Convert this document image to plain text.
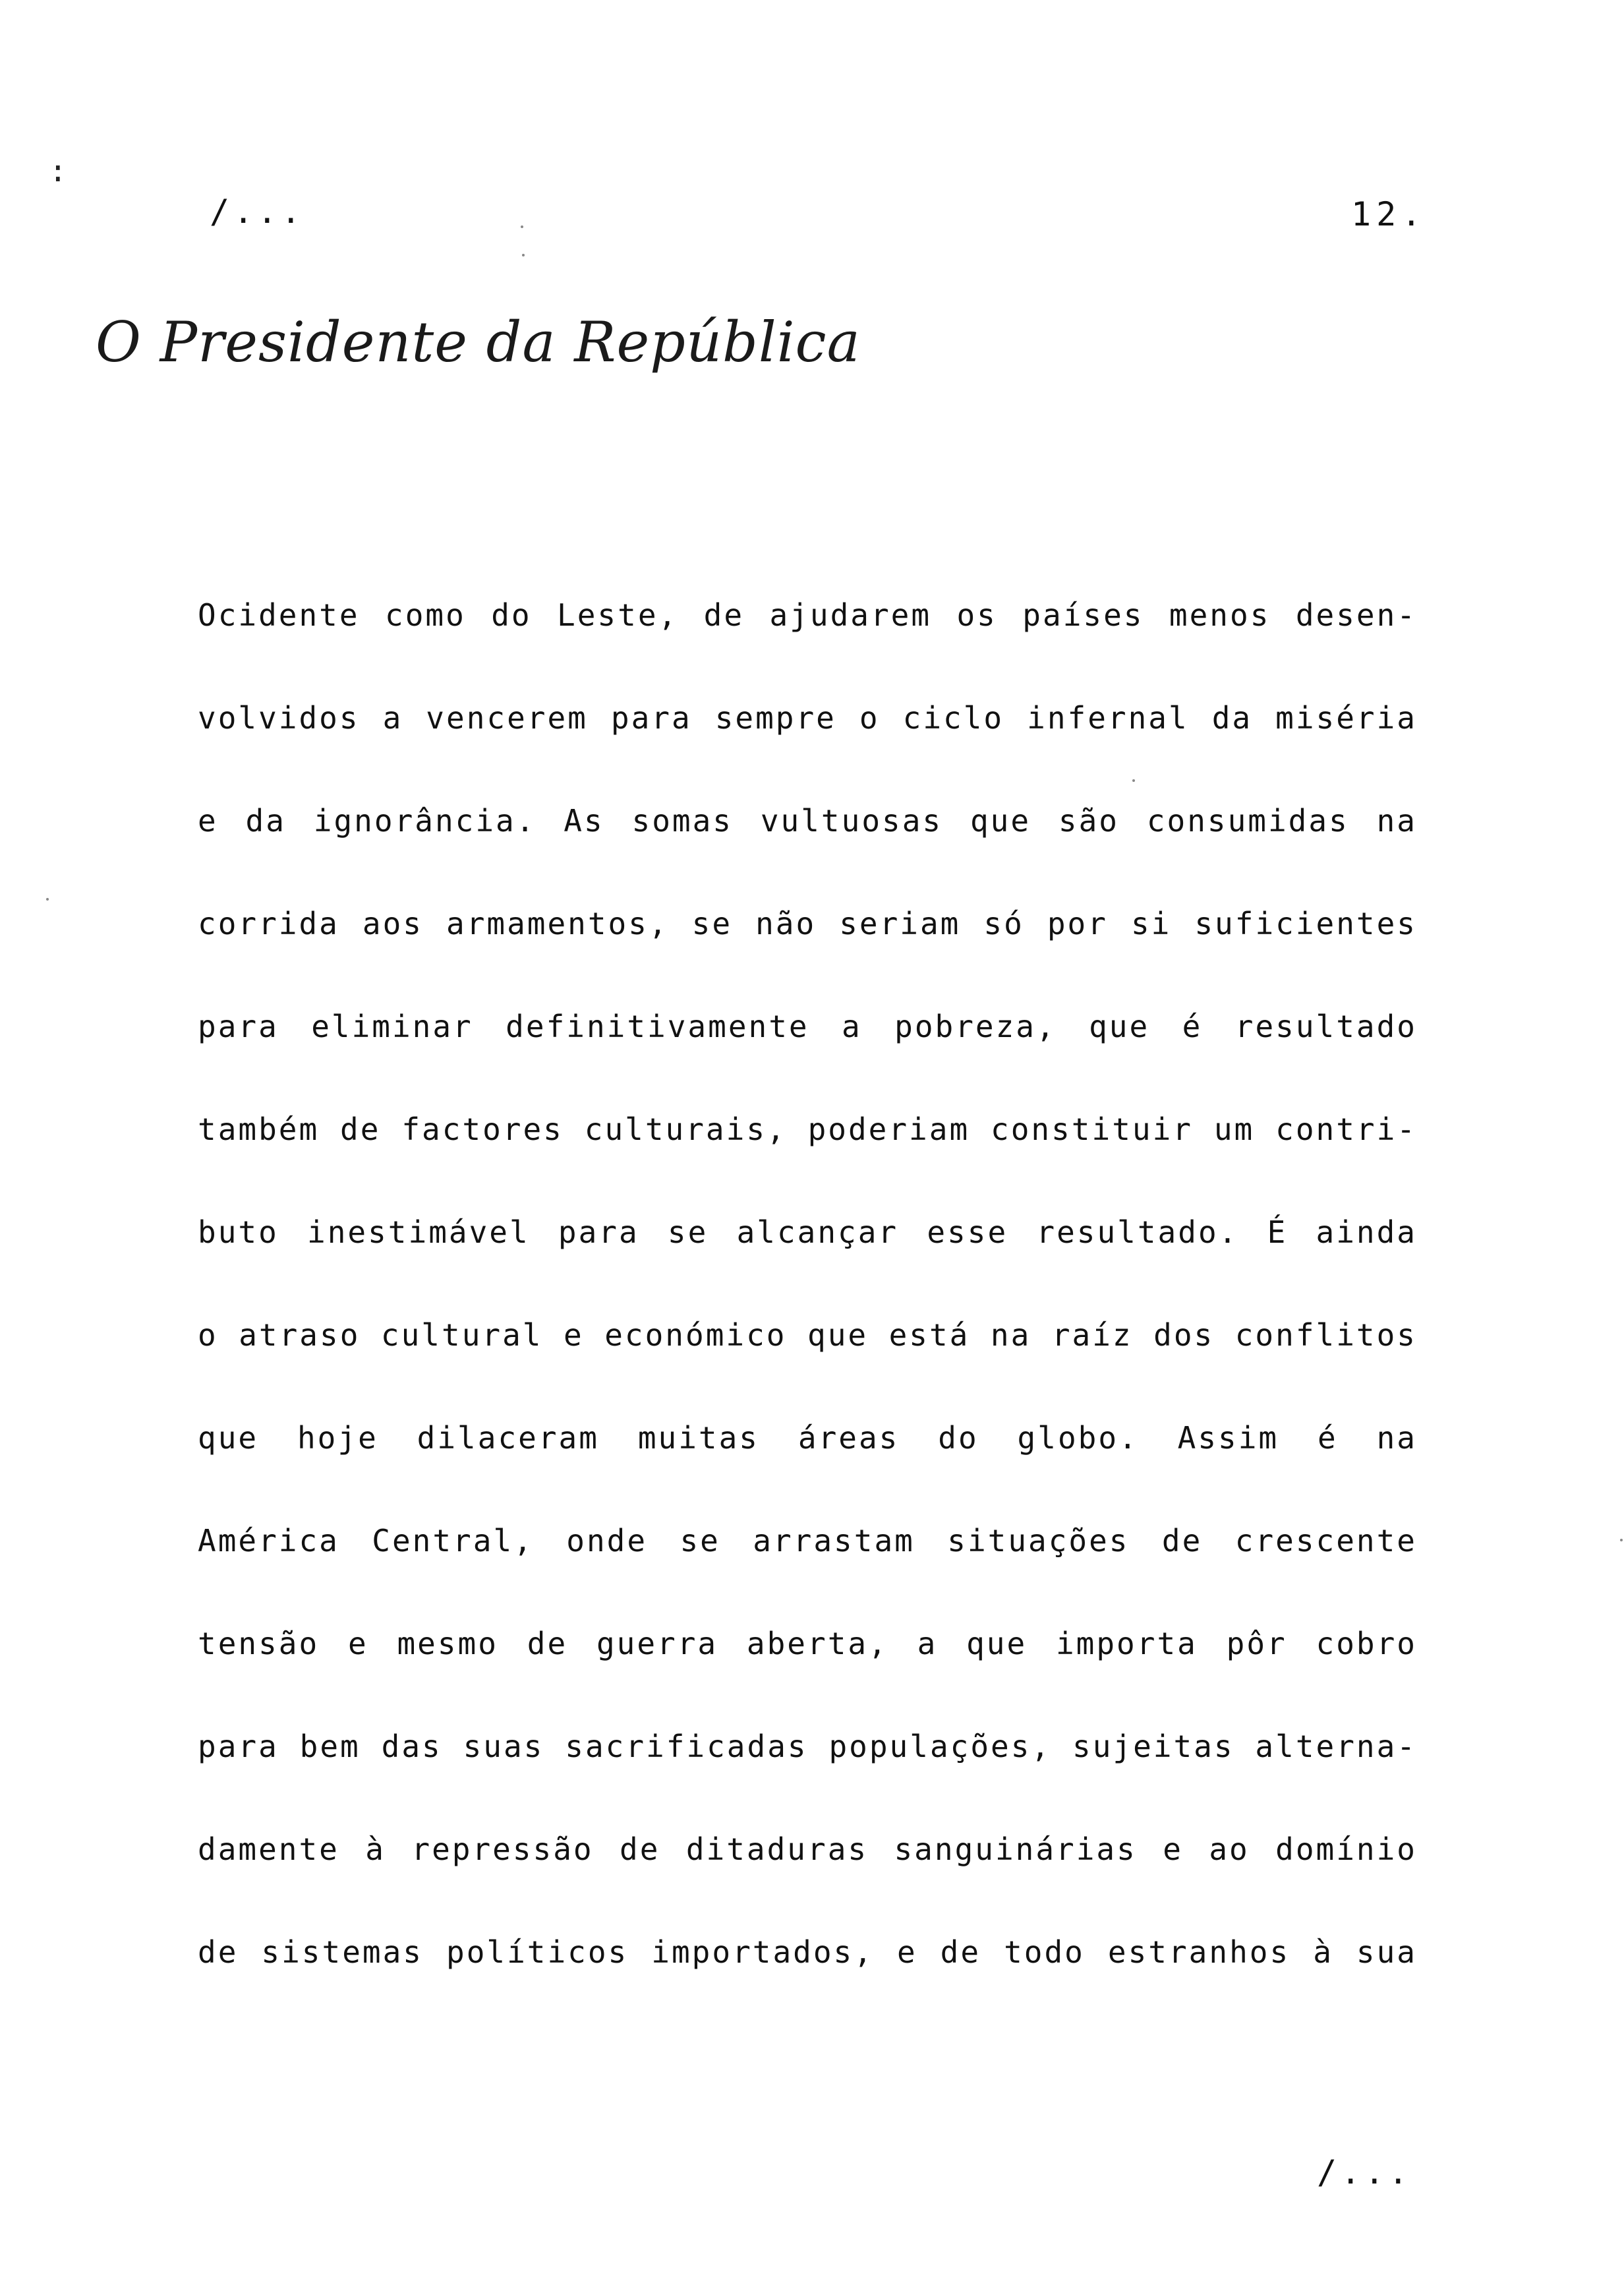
:
/...	12.
O Presidente da República
Ocidente como do Leste, de ajudarem os países menos desen-
volvidos a vencerem para sempre o ciclo infernal da miséria
e da ignorância. As somas vultuosas que são consumidas na
corrida aos armamentos, se não seriam só por si suficientes
para eliminar definitivamente a pobreza, que é resultado
também de factores culturais, poderiam constituir um contri-
buto inestimável para se alcançar esse resultado. É ainda
o atraso cultural e económico que está na raíz dos conflitos
que hoje dilaceram muitas áreas do globo. Assim é na
América Central, onde se arrastam situações de crescente
tensão e mesmo de guerra aberta, a que importa pôr cobro
para bem das suas sacrificadas populações, sujeitas alterna-
damente à repressão de ditaduras sanguinárias e ao domínio
de sistemas políticos importados, e de todo estranhos à sua
/...
